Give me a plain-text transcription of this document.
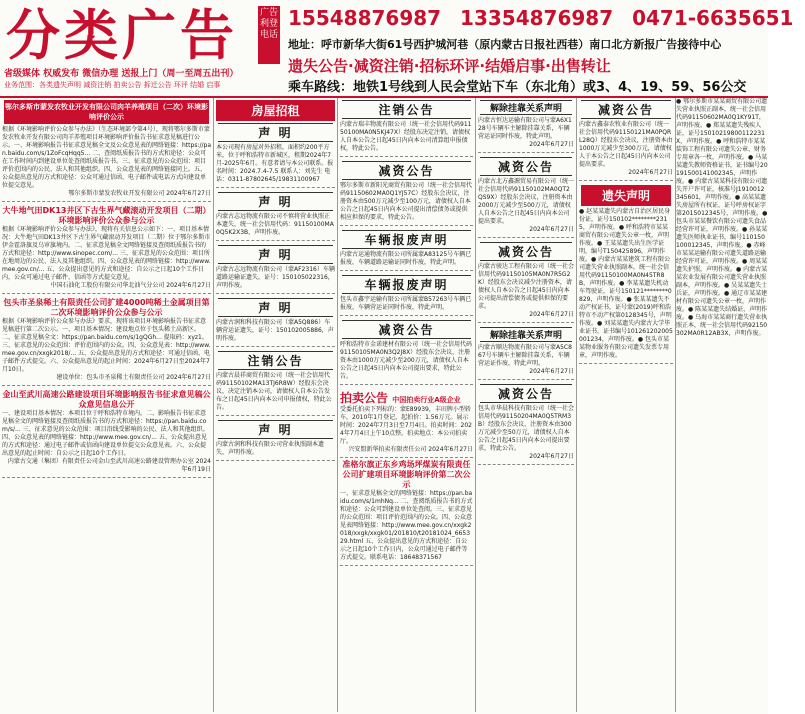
分类广告
省级媒体 权威发布 微信办理 送报上门（周一至周五出刊）
业务范围：各类遗失声明 减资注销 拍卖公告 拆迁公告 环评 结婚 启事
广告利登电话
15548876987 13354876987 0471-6635651
地址：呼市新华大街61号西护城河巷（原内蒙古日报社西巷）南口北方新报广告接待中心
遗失公告·减资注销·招标环评·结婚启事·出售转让
乘车路线：地铁1号线到人民会堂站下车（东北角）或3、4、19、59、56公交
鄂尔多斯市蒙发农牧业开发有限公司肉羊养殖项目（二次）环境影响评价公示
根据《环境影响评价公众参与办法》（生态环境部令第4号），现将鄂尔多斯市蒙发农牧业开发有限公司肉羊养殖项目环境影响评价报告书征求意见稿进行公示。一、环境影响报告书征求意见稿全文及公众意见表的网络链接：https://pan.baidu.com/s/1ZoFcqHqq5... 二、查阅纸质报告书的方式和途径：公众可在工作时间内到建设单位处查阅纸质报告书。三、征求意见的公众范围：项目评价范围内的公民、法人和其他组织。四、公众意见表的网络链接同上。五、公众提出意见的方式和途径：公众可通过信函、电子邮件或电话方式向建设单位提交意见。
鄂尔多斯市蒙发农牧业开发有限公司 2024年6月27日
大牛地气田DK13井区下古生界气藏滚动开发项目（二期）环境影响评价公众参与公示
根据《环境影响评价公众参与办法》，现将有关信息公示如下：一、项目基本情况：大牛地气田DK13井区下古生界气藏滚动开发项目（二期）位于鄂尔多斯市伊金霍洛旗及乌审旗境内。二、征求意见稿全文网络链接及查阅纸质报告书的方式和途径：http://www.sinopec.com/... 三、征求意见的公众范围：项目所在地周边的公民、法人及其他组织。四、公众意见表的网络链接：http://www.mee.gov.cn/... 五、公众提出意见的方式和途径：自公示之日起10个工作日内，公众可通过电子邮件、信函等方式提交意见。
中国石油化工股份有限公司华北油气分公司 2024年6月27日
包头市圣泉稀土有限责任公司扩建4000吨稀土金属项目第二次环境影响评价公众参与公示
根据《环境影响评价公众参与办法》要求，现将该项目环境影响报告书征求意见稿进行第二次公示。一、项目基本情况：建设地点位于包头稀土高新区。二、征求意见稿全文：https://pan.baidu.com/s/1gQGh... 提取码：xyz1。三、征求意见的公众范围：评价范围内的公众。四、公众意见表：http://www.mee.gov.cn/xxgk2018/... 五、公众提出意见的方式和途径：可通过信函、电子邮件方式提交。六、公众提出意见的起止时间：2024年6月27日至2024年7月10日。
建设单位：包头市圣泉稀土有限责任公司 2024年6月27日
金山至武川高速公路建设项目环境影响报告书征求意见稿公众意见信息公开
一、建设项目基本情况：本项目位于呼和浩特市境内。二、影响报告书征求意见稿全文的网络链接及查阅纸质报告书的方式和途径：https://pan.baidu.com/s/... 三、征求意见的公众范围：项目沿线受影响的公民、法人和其他组织。四、公众意见表的网络链接：http://www.mee.gov.cn/... 五、公众提出意见的方式和途径：通过电子邮件或信函向建设单位提交公众意见表。六、公众提出意见的起止时间：自公示之日起10个工作日。
内蒙古交通（集团）有限责任公司金山至武川高速公路建设管理办公室 2024年6月19日
房屋招租
声 明
本公司现有房屋对外招租，面积约200平方米，位于呼和浩特市新城区，租期2024年7月-2025年6月。有意者请与本公司联系。报名时间：2024.7.4-7.5 联系人：刘先生 电话：0311-87802645/19831100967
声 明
内蒙古志远物流有限公司不慎将营业执照正本遗失，统一社会信用代码：91150100MA0Q5K2X3B，声明作废。
声 明
内蒙古志远物流有限公司（蒙AF2316）车辆道路运输证遗失，证号：150105022316，声明作废。
声 明
内蒙古润和科技有限公司（蒙A5Q886）车辆营运证遗失，证号：150102005886，声明作废。
注销公告
内蒙古晨祥商贸有限公司（统一社会信用代码91150102MA13TJ6R8W）经股东会决议，决定注销本公司，请债权人自本公告发布之日起45日内向本公司申报债权，特此公告。
声 明
内蒙古润和科技有限公司营业执照副本遗失，声明作废。
注销公告
内蒙古瑞丰物流有限公司（统一社会信用代码91150100MA0N5KJ47X）经股东决定注销，请债权人自本公告之日起45日内向本公司清算组申报债权，特此公告。
减资公告
鄂尔多斯市新阳光商贸有限公司（统一社会信用代码91150602MA0Q1YJ57C）经股东会决议，注册资本由500万元减少至100万元，请债权人自本公告之日起45日内向本公司提出清偿债务或提供相应担保的要求，特此公告。
车辆报废声明
内蒙古运通物流有限公司所属蒙A83125号车辆已报废，车辆道路运输证同时作废，特此声明。
车辆报废声明
包头市鑫宇运输有限公司所属蒙B57263号车辆已报废，车辆营运证同时作废，特此声明。
减资公告
呼和浩特市金诺建材有限公司（统一社会信用代码91150105MA0N3Q2J8X）经股东会决议，注册资本由1000万元减少至200万元，请债权人自本公告之日起45日内向本公司提出要求，特此公告。
拍卖公告 中国拍卖行业A级企业
受委托拍卖下列标的：蒙E89939，丰田牌小型轿车，2010年1月登记，起拍价：1.56万元。展示时间：2024年7月3日至7月4日。拍卖时间：2024年7月4日上午10点整。拍卖地点：本公司拍卖厅。
兴安盟新华拍卖有限责任公司 2024年6月27日
准格尔旗正东乡鸡场坪煤炭有限责任公司扩建项目环境影响评价第二次公示
一、征求意见稿全文的网络链接：https://pan.baidu.com/s/1mhNq... 二、查阅纸质报告书的方式和途径：公众可到建设单位处查阅。三、征求意见的公众范围：项目评价范围内的公众。四、公众意见表网络链接：http://www.mee.gov.cn/xxgk2018/xxgk/xxgk01/201810/t20181024_665329.html 五、公众提出意见的方式和途径：自公示之日起10个工作日内，公众可通过电子邮件等方式提交。联系电话：18648371567
解除挂靠关系声明
内蒙古恒达运输有限公司与蒙A6X128号车辆车主解除挂靠关系，车辆营运证同时作废，特此声明。
2024年6月27日
减资公告
内蒙古北方鑫源贸易有限公司（统一社会信用代码91150102MA0QT2QS9X）经股东会决议，注册资本由2000万元减少至500万元，请债权人自本公告之日起45日内向本公司提出要求。
2024年6月27日
减资公告
内蒙古骏达工程有限公司（统一社会信用代码91150105MA0N7R5G2K）经股东会决议减少注册资本，请债权人自本公告之日起45日内向本公司提出清偿债务或提供担保的要求。
2024年6月27日
解除挂靠关系声明
内蒙古顺达物流有限公司与蒙A5C867号车辆车主解除挂靠关系，车辆营运证作废，特此声明。
2024年6月27日
减资公告
包头市华晨科技有限公司（统一社会信用代码91150204MA0Q5TRM3B）经股东会决议，注册资本由300万元减少至50万元，请债权人自本公告之日起45日内向本公司提出要求，特此公告。
2024年6月27日
减资公告
内蒙古鑫泰农牧业有限公司（统一社会信用代码91150121MA0PQRL28Q）经股东会决议，注册资本由1000万元减少至300万元，请债权人于本公告之日起45日内向本公司提出要求。
2024年6月27日
遗失声明
● 赵某某遗失内蒙古自治区居民身份证，证号150102********2315，声明作废。● 呼和浩特市某某商贸有限公司遗失公章一枚，声明作废。● 王某某遗失出生医学证明，编号T150425896，声明作废。● 内蒙古某某建筑工程有限公司遗失营业执照副本，统一社会信用代码91150100MA0N45TR8B，声明作废。● 李某某遗失机动车驾驶证，证号150121********0829，声明作废。● 张某某遗失不动产权证书，证号蒙(2019)呼和浩特市不动产权第0128345号，声明作废。● 刘某某遗失内蒙古大学毕业证书，证书编号101261202005001234，声明作废。● 包头市某某物业服务有限公司遗失发票专用章，声明作废。
● 鄂尔多斯市某某商贸有限公司遗失营业执照正副本，统一社会信用代码91150602MA0Q1KY91T，声明作废。● 郑某某遗失残疾人证，证号15010219800112231X，声明作废。● 呼和浩特市某某装饰工程有限公司遗失公章、财务专用章各一枚，声明作废。● 马某某遗失教师资格证书，证书编号20191500141002345，声明作废。● 内蒙古某某科技有限公司遗失开户许可证，核准号J1910012345601，声明作废。● 高某某遗失房屋所有权证，证号呼房权证字第2015012345号，声明作废。● 包头市某某餐饮有限公司遗失食品经营许可证，声明作废。● 孙某某遗失医师执业证书，编号110150100012345，声明作废。● 赤峰市某某运输有限公司遗失道路运输经营许可证，声明作废。● 周某某遗失护照，声明作废。● 内蒙古某某农业发展有限公司遗失营业执照副本，声明作废。● 吴某某遗失士兵证，声明作废。● 通辽市某某建材有限公司遗失公章一枚，声明作废。● 陈某某遗失结婚证，声明作废。● 乌海市某某商行遗失营业执照正本，统一社会信用代码92150302MA0R12AB3X，声明作废。
